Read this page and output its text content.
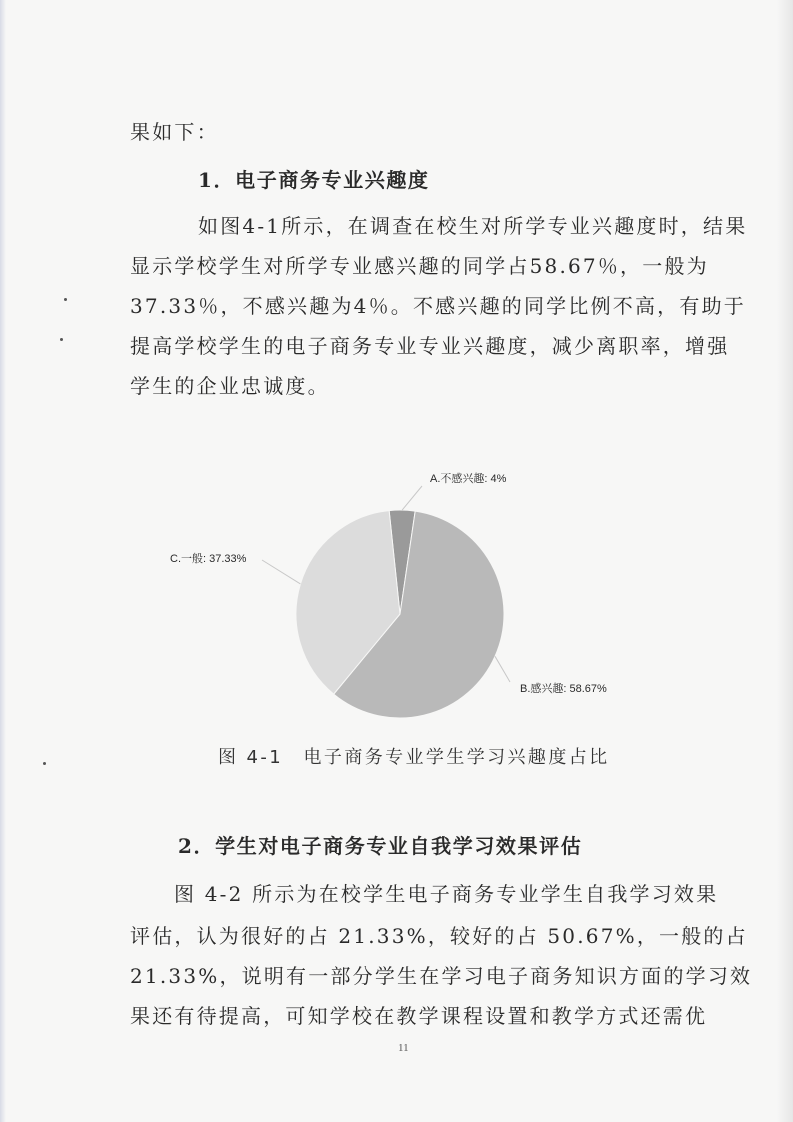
果如下：
1．电子商务专业兴趣度
如图4-1所示，在调查在校生对所学专业兴趣度时，结果
显示学校学生对所学专业感兴趣的同学占58.67％，一般为
37.33％，不感兴趣为4％。不感兴趣的同学比例不高，有助于
提高学校学生的电子商务专业专业兴趣度，减少离职率，增强
学生的企业忠诚度。
A.不感兴趣: 4%
B.感兴趣: 58.67%
C.一般: 37.33%
图 4-1　电子商务专业学生学习兴趣度占比
2．学生对电子商务专业自我学习效果评估
图 4-2 所示为在校学生电子商务专业学生自我学习效果
评估，认为很好的占 21.33%，较好的占 50.67%，一般的占
21.33%，说明有一部分学生在学习电子商务知识方面的学习效
果还有待提高，可知学校在教学课程设置和教学方式还需优
11
